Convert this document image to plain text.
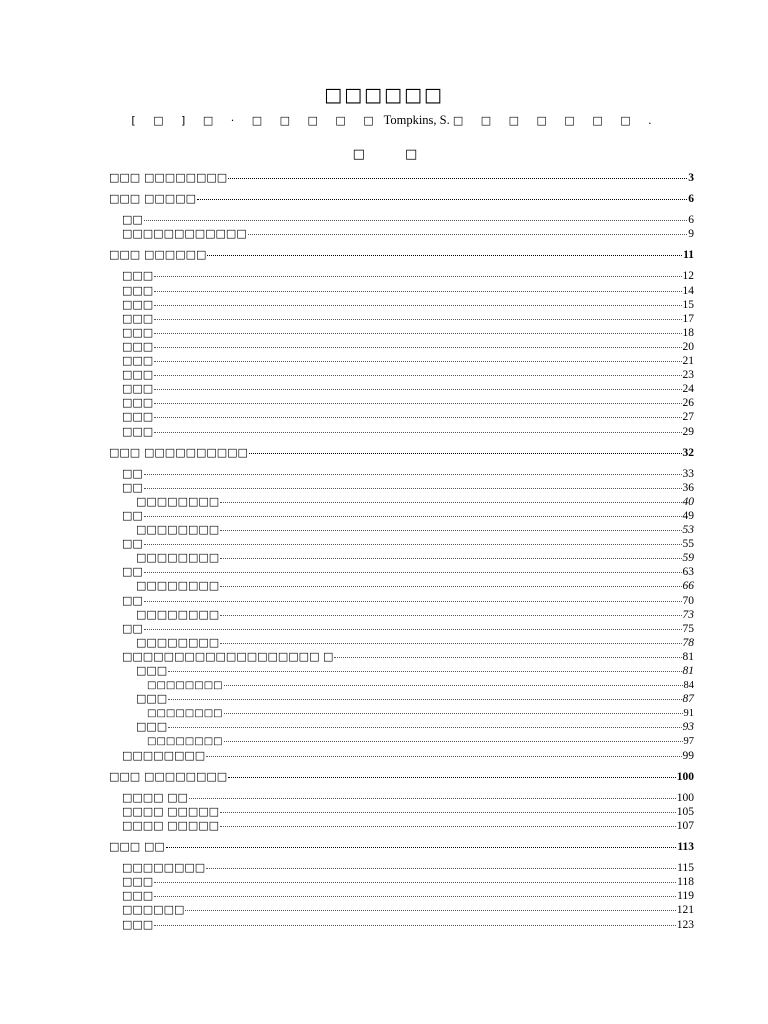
□□□□□□
[ □ ] □ · □ □ □ □ □ Tompkins, S. □ □ □ □ □ □ □ .
□ □
□□□ □□□□□□□□	3
□□□ □□□□□	6
□□	6
□□□□□□□□□□□□	9
□□□ □□□□□□	11
□□□	12
□□□	14
□□□	15
□□□	17
□□□	18
□□□	20
□□□	21
□□□	23
□□□	24
□□□	26
□□□	27
□□□	29
□□□ □□□□□□□□□□	32
□□	33
□□	36
□□□□□□□□	40
□□	49
□□□□□□□□	53
□□	55
□□□□□□□□	59
□□	63
□□□□□□□□	66
□□	70
□□□□□□□□	73
□□	75
□□□□□□□□	78
□□□□□□□□□□□□□□□□□□□ □	81
□□□	81
□□□□□□□□	84
□□□	87
□□□□□□□□	91
□□□	93
□□□□□□□□	97
□□□□□□□□	99
□□□ □□□□□□□□	100
□□□□ □□	100
□□□□ □□□□□	105
□□□□ □□□□□	107
□□□ □□	113
□□□□□□□□	115
□□□	118
□□□	119
□□□□□□	121
□□□	123
